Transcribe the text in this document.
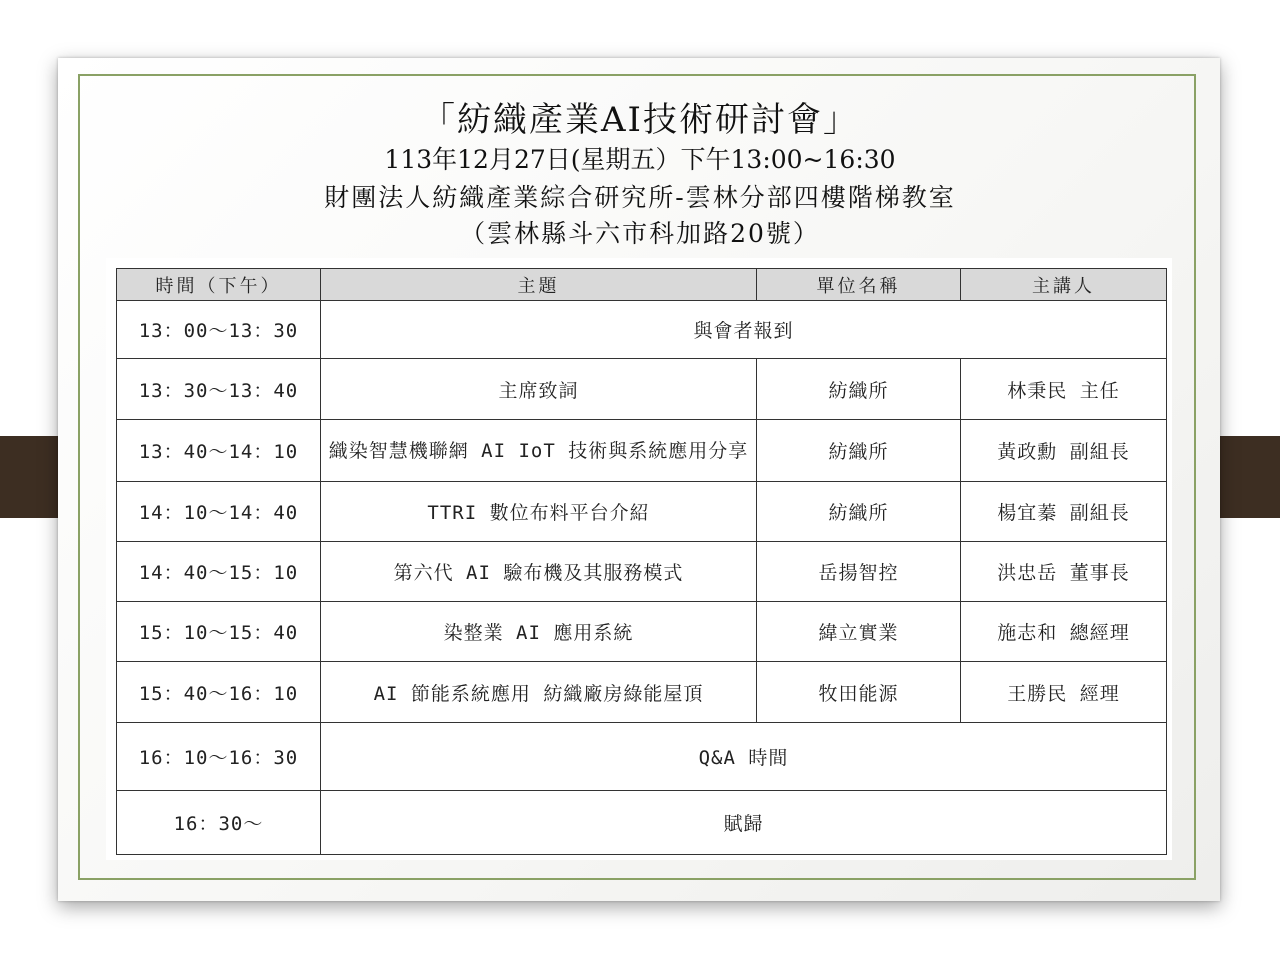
「紡織產業AI技術研討會」
113年12月27日(星期五）下午13:00~16:30
財團法人紡織產業綜合研究所-雲林分部四樓階梯教室
（雲林縣斗六市科加路20號）
時間（下午）	主題	單位名稱	主講人
13：00～13：30	與會者報到		
13：30～13：40	主席致詞	紡織所	林秉民 主任
13：40～14：10	織染智慧機聯網 AI IoT 技術與系統應用分享	紡織所	黃政勳 副組長
14：10～14：40	TTRI 數位布料平台介紹	紡織所	楊宜蓁 副組長
14：40～15：10	第六代 AI 驗布機及其服務模式	岳揚智控	洪忠岳 董事長
15：10～15：40	染整業 AI 應用系統	緯立實業	施志和 總經理
15：40～16：10	AI 節能系統應用 紡織廠房綠能屋頂	牧田能源	王勝民 經理
16：10～16：30	Q&A 時間		
16：30～	賦歸		
